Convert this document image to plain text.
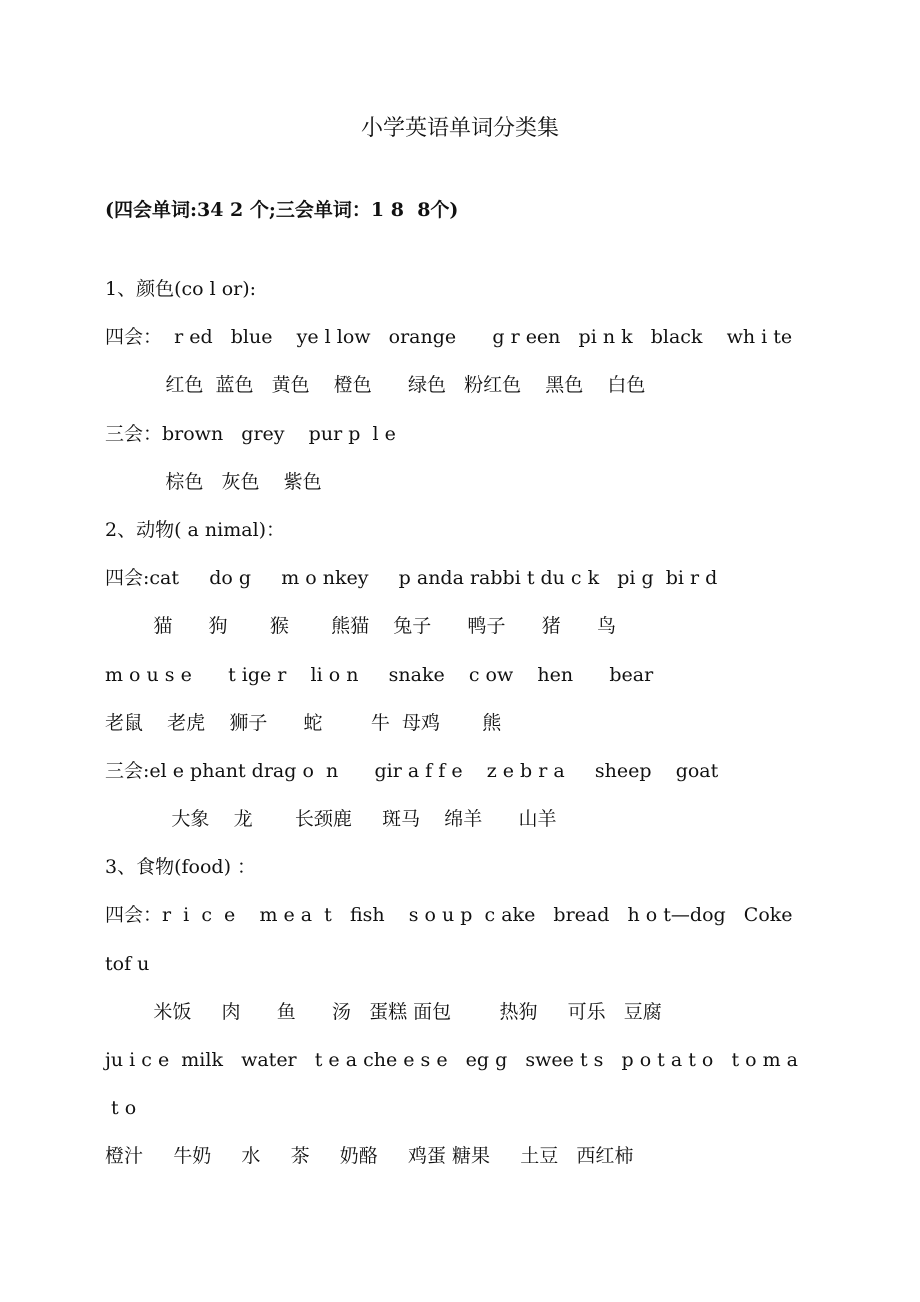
小学英语单词分类集
(四会单词:34 2 个;三会单词：1 8  8个)
1、颜色(co l or):
四会：  r ed   blue    ye l low   orange      g r een   pi n k   black    wh i te
红色  蓝色   黄色    橙色      绿色   粉红色    黑色    白色
三会：brown   grey    pur p  l e
棕色   灰色    紫色
2、动物( a nimal)：
四会:cat     do g     m o nkey     p anda rabbi t du c k   pi g  bi r d
猫      狗       猴       熊猫    兔子      鸭子      猪      鸟
m o u s e      t ige r    li o n     snake    c ow    hen      bear
老鼠    老虎    狮子      蛇        牛  母鸡       熊
三会:el e phant drag o  n      gir a f f e    z e b r a     sheep    goat
大象    龙       长颈鹿     斑马    绵羊      山羊
3、食物(food) ：
四会：r  i  c  e    m e a  t   fish    s o u p  c ake   bread   h o t—dog   Coke
tof u
米饭     肉      鱼      汤   蛋糕 面包        热狗     可乐   豆腐
ju i c e  milk   water   t e a che e s e   eg g   swee t s   p o t a t o   t o m a
t o
橙汁     牛奶     水     茶     奶酪     鸡蛋 糖果     土豆   西红柿
